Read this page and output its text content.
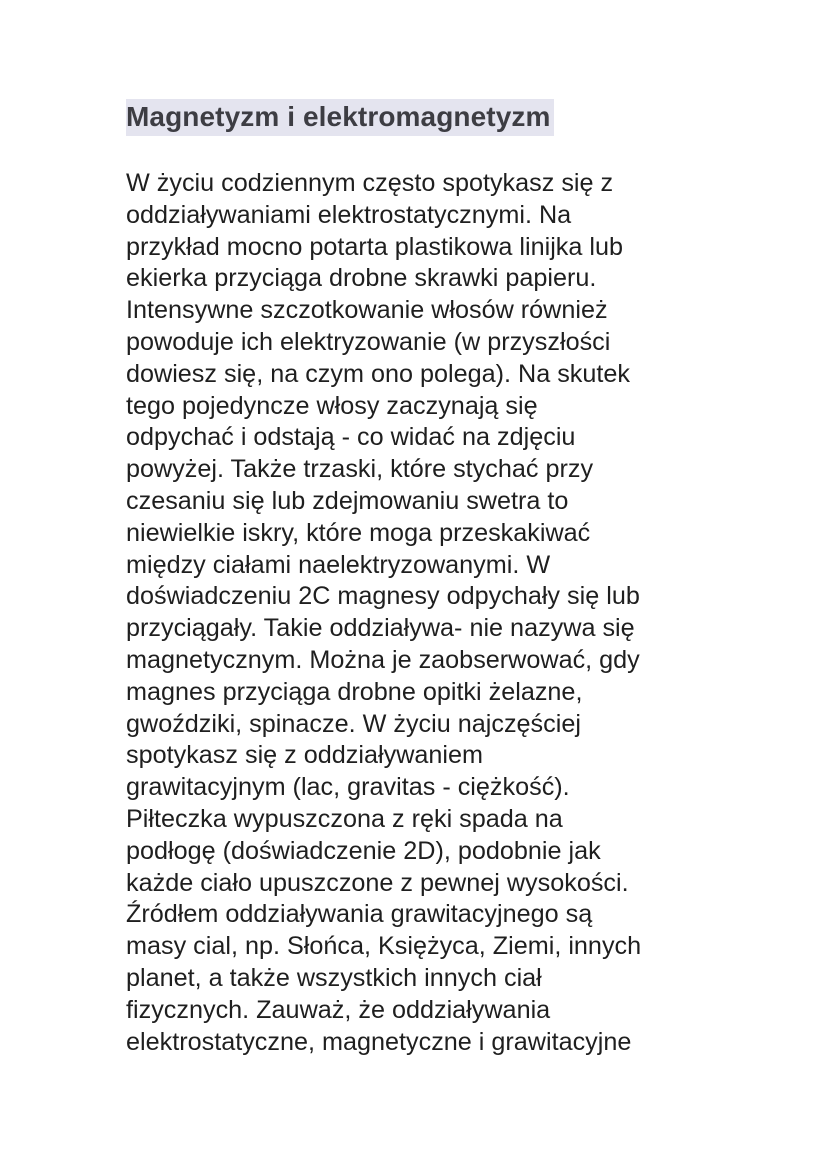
Magnetyzm i elektromagnetyzm
W życiu codziennym często spotykasz się z
oddziaływaniami elektrostatycznymi. Na
przykład mocno potarta plastikowa linijka lub
ekierka przyciąga drobne skrawki papieru.
Intensywne szczotkowanie włosów również
powoduje ich elektryzowanie (w przyszłości
dowiesz się, na czym ono polega). Na skutek
tego pojedyncze włosy zaczynają się
odpychać i odstają - co widać na zdjęciu
powyżej. Także trzaski, które stychać przy
czesaniu się lub zdejmowaniu swetra to
niewielkie iskry, które moga przeskakiwać
między ciałami naelektryzowanymi. W
doświadczeniu 2C magnesy odpychały się lub
przyciągały. Takie oddziaływa- nie nazywa się
magnetycznym. Można je zaobserwować, gdy
magnes przyciąga drobne opitki żelazne,
gwoździki, spinacze. W życiu najczęściej
spotykasz się z oddziaływaniem
grawitacyjnym (lac, gravitas - ciężkość).
Piłteczka wypuszczona z ręki spada na
podłogę (doświadczenie 2D), podobnie jak
każde ciało upuszczone z pewnej wysokości.
Źródłem oddziaływania grawitacyjnego są
masy cial, np. Słońca, Księżyca, Ziemi, innych
planet, a także wszystkich innych ciał
fizycznych. Zauważ, że oddziaływania
elektrostatyczne, magnetyczne i grawitacyjne
